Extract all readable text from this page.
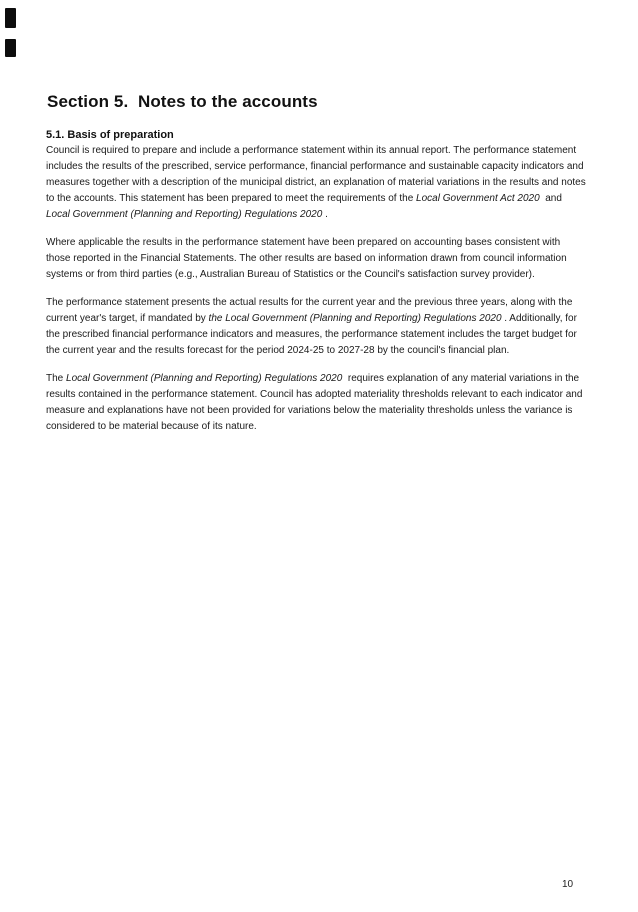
Section 5.  Notes to the accounts
5.1. Basis of preparation

Council is required to prepare and include a performance statement within its annual report. The performance statement includes the results of the prescribed, service performance, financial performance and sustainable capacity indicators and measures together with a description of the municipal district, an explanation of material variations in the results and notes to the accounts. This statement has been prepared to meet the requirements of the Local Government Act 2020  and Local Government (Planning and Reporting) Regulations 2020 .

Where applicable the results in the performance statement have been prepared on accounting bases consistent with those reported in the Financial Statements. The other results are based on information drawn from council information systems or from third parties (e.g., Australian Bureau of Statistics or the Council's satisfaction survey provider).

The performance statement presents the actual results for the current year and the previous three years, along with the current year's target, if mandated by the Local Government (Planning and Reporting) Regulations 2020 . Additionally, for the prescribed financial performance indicators and measures, the performance statement includes the target budget for the current year and the results forecast for the period 2024-25 to 2027-28 by the council's financial plan.

The Local Government (Planning and Reporting) Regulations 2020  requires explanation of any material variations in the results contained in the performance statement. Council has adopted materiality thresholds relevant to each indicator and measure and explanations have not been provided for variations below the materiality thresholds unless the variance is considered to be material because of its nature.

10
